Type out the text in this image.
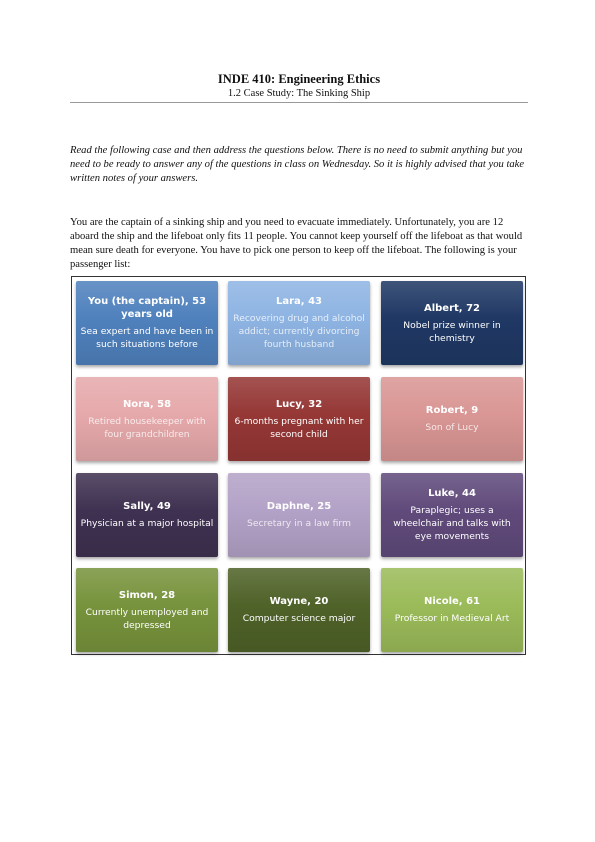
INDE 410: Engineering Ethics
1.2 Case Study: The Sinking Ship

Read the following case and then address the questions below. There is no need to submit anything but you need to be ready to answer any of the questions in class on Wednesday. So it is highly advised that you take written notes of your answers.

You are the captain of a sinking ship and you need to evacuate immediately. Unfortunately, you are 12 aboard the ship and the lifeboat only fits 11 people. You cannot keep yourself off the lifeboat as that would mean sure death for everyone. You have to pick one person to keep off the lifeboat. The following is your passenger list:

You (the captain), 53 years old
Sea expert and have been in such situations before
Lara, 43
Recovering drug and alcohol addict; currently divorcing fourth husband
Albert, 72
Nobel prize winner in chemistry
Nora, 58
Retired housekeeper with four grandchildren
Lucy, 32
6-months pregnant with her second child
Robert, 9
Son of Lucy
Sally, 49
Physician at a major hospital
Daphne, 25
Secretary in a law firm
Luke, 44
Paraplegic; uses a wheelchair and talks with eye movements
Simon, 28
Currently unemployed and depressed
Wayne, 20
Computer science major
Nicole, 61
Professor in Medieval Art
